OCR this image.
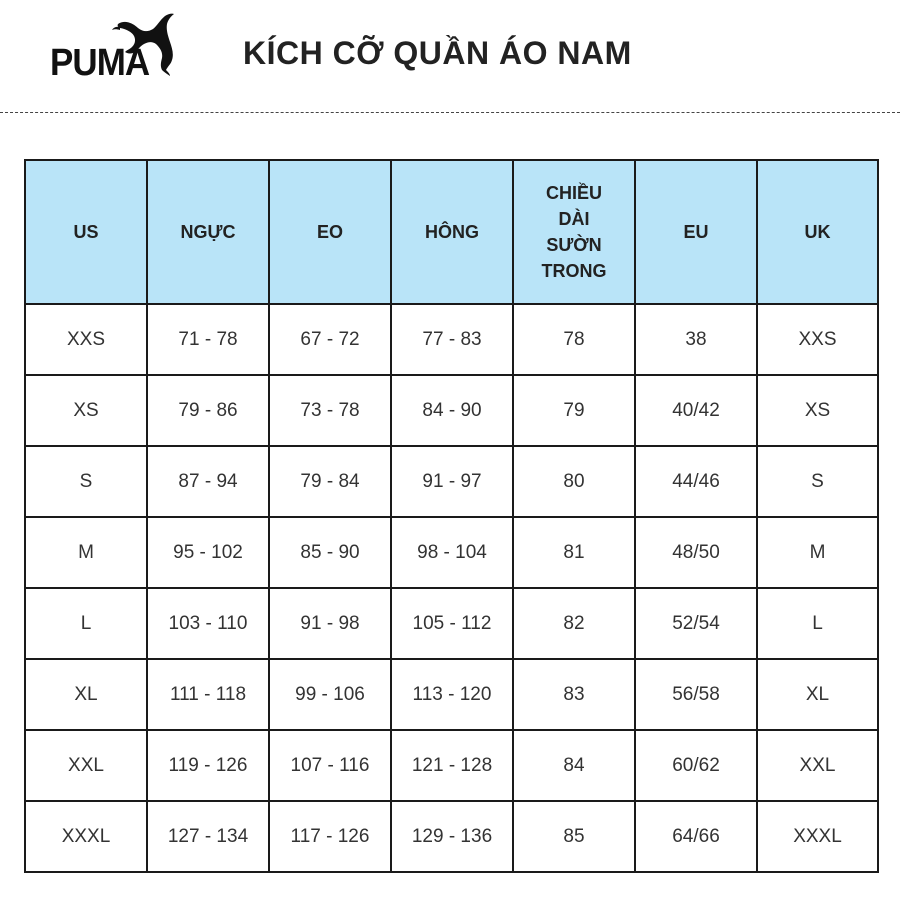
PUMA	KÍCH CỠ QUẦN ÁO NAM
US	NGỰC	EO	HÔNG	CHIỀU
DÀI
SƯỜN
TRONG	EU	UK
XXS	71 - 78	67 - 72	77 - 83	78	38	XXS
XS	79 - 86	73 - 78	84 - 90	79	40/42	XS
S	87 - 94	79 - 84	91 - 97	80	44/46	S
M	95 - 102	85 - 90	98 - 104	81	48/50	M
L	103 - 110	91 - 98	105 - 112	82	52/54	L
XL	111 - 118	99 - 106	113 - 120	83	56/58	XL
XXL	119 - 126	107 - 116	121 - 128	84	60/62	XXL
XXXL	127 - 134	117 - 126	129 - 136	85	64/66	XXXL
